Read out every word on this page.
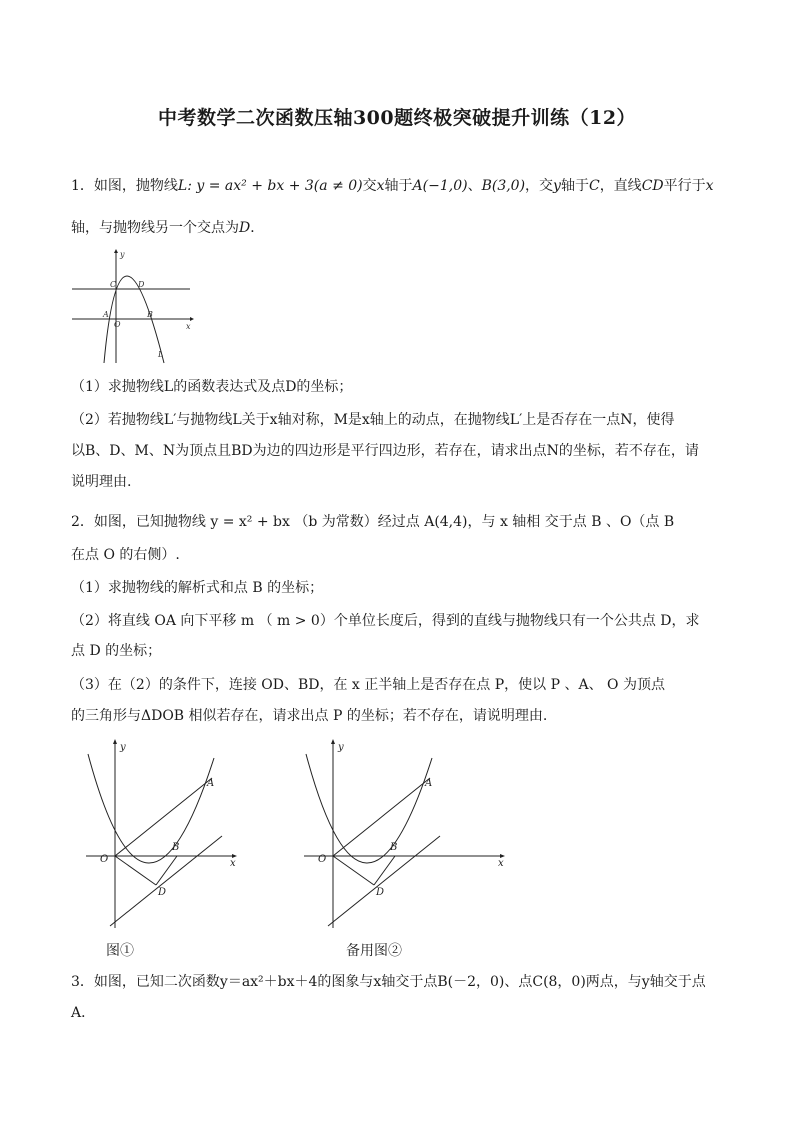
中考数学二次函数压轴300题终极突破提升训练（12）
1．如图，抛物线L: y = ax² + bx + 3(a ≠ 0)交x轴于A(−1,0)、B(3,0)，交y轴于C，直线CD平行于x
轴，与抛物线另一个交点为D．
y
C	D
A
O
B
x
L
（1）求抛物线L的函数表达式及点D的坐标；
（2）若抛物线L′与抛物线L关于x轴对称，M是x轴上的动点，在抛物线L′上是否存在一点N，使得
以B、D、M、N为顶点且BD为边的四边形是平行四边形，若存在，请求出点N的坐标，若不存在，请
说明理由.
2．如图，已知抛物线 y = x² + bx （b 为常数）经过点 A(4,4)，与 x 轴相 交于点 B 、O（点 B
在点 O 的右侧）.
（1）求抛物线的解析式和点 B 的坐标；
（2）将直线 OA 向下平移 m （ m > 0）个单位长度后，得到的直线与抛物线只有一个公共点 D，求
点 D 的坐标；
（3）在（2）的条件下，连接 OD、BD，在 x 正半轴上是否存在点 P，使以 P 、A、 O 为顶点
的三角形与ΔDOB 相似若存在，请求出点 P 的坐标；若不存在，请说明理由.
y
A
B
O	x
D
图①
y
A
B
O	x
D
备用图②
3．如图，已知二次函数y＝ax²＋bx＋4的图象与x轴交于点B(－2，0)、点C(8，0)两点，与y轴交于点
A．
